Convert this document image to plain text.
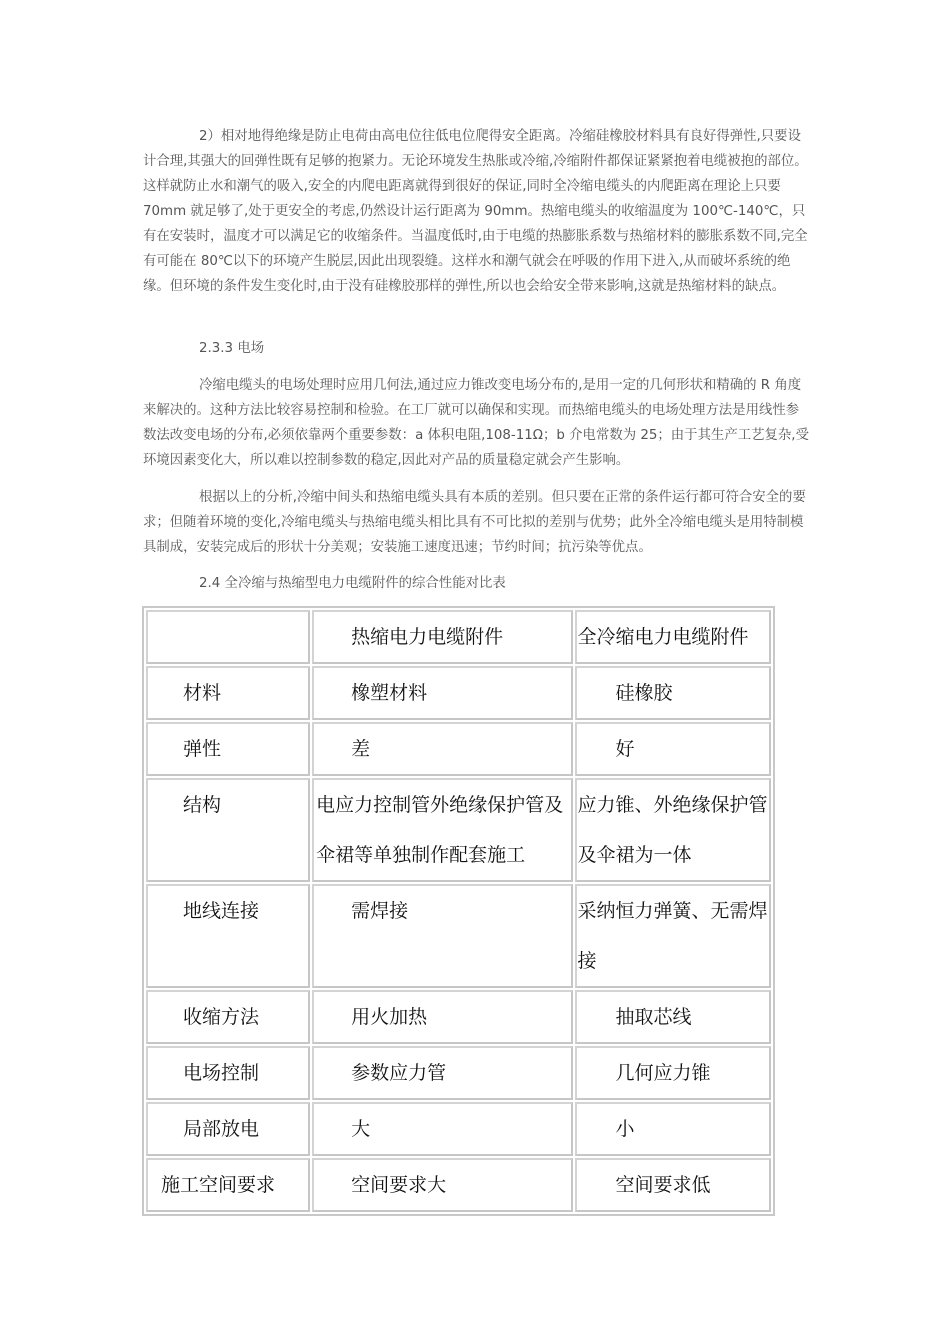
2）相对地得绝缘是防止电荷由高电位往低电位爬得安全距离。冷缩硅橡胶材料具有良好得弹性,只要设计合理,其强大的回弹性既有足够的抱紧力。无论环境发生热胀或冷缩,冷缩附件都保证紧紧抱着电缆被抱的部位。这样就防止水和潮气的吸入,安全的内爬电距离就得到很好的保证,同时全冷缩电缆头的内爬距离在理论上只要 70mm 就足够了,处于更安全的考虑,仍然设计运行距离为 90mm。热缩电缆头的收缩温度为 100℃-140℃，只有在安装时，温度才可以满足它的收缩条件。当温度低时,由于电缆的热膨胀系数与热缩材料的膨胀系数不同,完全有可能在 80℃以下的环境产生脱层,因此出现裂缝。这样水和潮气就会在呼吸的作用下进入,从而破坏系统的绝缘。但环境的条件发生变化时,由于没有硅橡胶那样的弹性,所以也会给安全带来影响,这就是热缩材料的缺点。

2.3.3 电场

冷缩电缆头的电场处理时应用几何法,通过应力锥改变电场分布的,是用一定的几何形状和精确的 R 角度来解决的。这种方法比较容易控制和检验。在工厂就可以确保和实现。而热缩电缆头的电场处理方法是用线性参数法改变电场的分布,必须依靠两个重要参数：a 体积电阻,108-11Ω；b 介电常数为 25；由于其生产工艺复杂,受环境因素变化大，所以难以控制参数的稳定,因此对产品的质量稳定就会产生影响。

根据以上的分析,冷缩中间头和热缩电缆头具有本质的差别。但只要在正常的条件运行都可符合安全的要求；但随着环境的变化,冷缩电缆头与热缩电缆头相比具有不可比拟的差别与优势；此外全冷缩电缆头是用特制模具制成，安装完成后的形状十分美观；安装施工速度迅速；节约时间；抗污染等优点。

2.4 全冷缩与热缩型电力电缆附件的综合性能对比表

	热缩电力电缆附件	全冷缩电力电缆附件
材料	橡塑材料	硅橡胶
弹性	差	好
结构	电应力控制管外绝缘保护管及伞裙等单独制作配套施工	应力锥、外绝缘保护管及伞裙为一体
地线连接	需焊接	采纳恒力弹簧、无需焊接
收缩方法	用火加热	抽取芯线
电场控制	参数应力管	几何应力锥
局部放电	大	小
施工空间要求	空间要求大	空间要求低
